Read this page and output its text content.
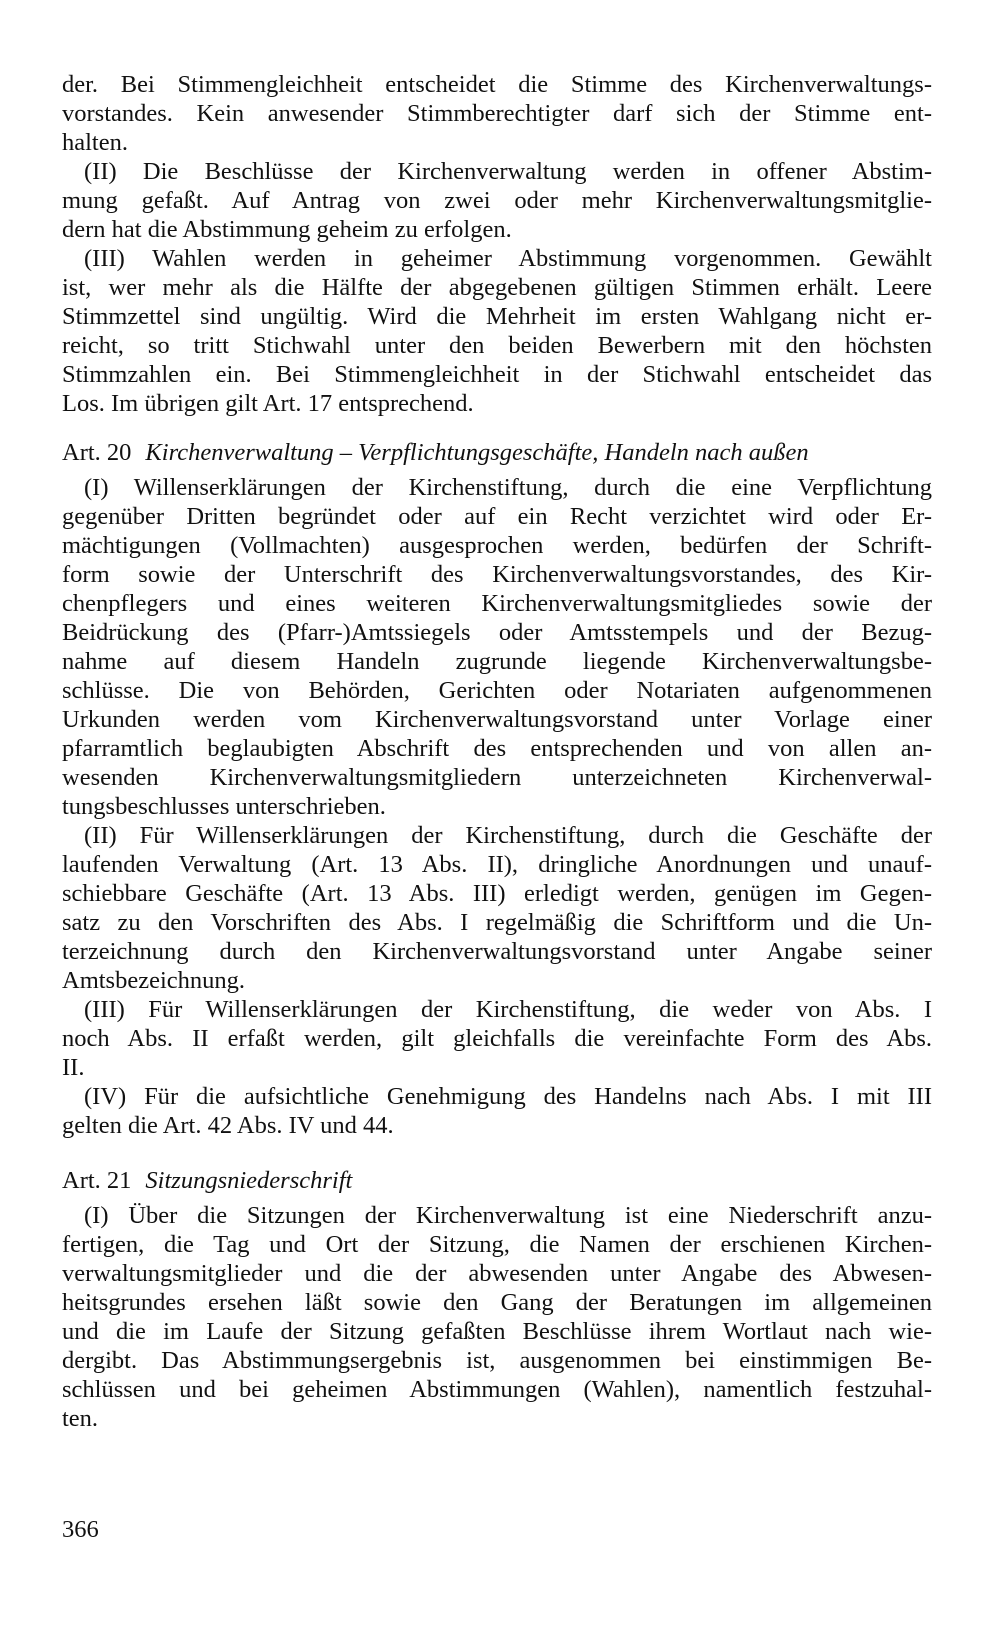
der. Bei Stimmengleichheit entscheidet die Stimme des Kirchenverwaltungs-
vorstandes. Kein anwesender Stimmberechtigter darf sich der Stimme ent-
halten.
(II) Die Beschlüsse der Kirchenverwaltung werden in offener Abstim-
mung gefaßt. Auf Antrag von zwei oder mehr Kirchenverwaltungsmitglie-
dern hat die Abstimmung geheim zu erfolgen.
(III) Wahlen werden in geheimer Abstimmung vorgenommen. Gewählt
ist, wer mehr als die Hälfte der abgegebenen gültigen Stimmen erhält. Leere
Stimmzettel sind ungültig. Wird die Mehrheit im ersten Wahlgang nicht er-
reicht, so tritt Stichwahl unter den beiden Bewerbern mit den höchsten
Stimmzahlen ein. Bei Stimmengleichheit in der Stichwahl entscheidet das
Los. Im übrigen gilt Art. 17 entsprechend.
Art. 20 Kirchenverwaltung – Verpflichtungsgeschäfte, Handeln nach außen
(I) Willenserklärungen der Kirchenstiftung, durch die eine Verpflichtung
gegenüber Dritten begründet oder auf ein Recht verzichtet wird oder Er-
mächtigungen (Vollmachten) ausgesprochen werden, bedürfen der Schrift-
form sowie der Unterschrift des Kirchenverwaltungsvorstandes, des Kir-
chenpflegers und eines weiteren Kirchenverwaltungsmitgliedes sowie der
Beidrückung des (Pfarr-)Amtssiegels oder Amtsstempels und der Bezug-
nahme auf diesem Handeln zugrunde liegende Kirchenverwaltungsbe-
schlüsse. Die von Behörden, Gerichten oder Notariaten aufgenommenen
Urkunden werden vom Kirchenverwaltungsvorstand unter Vorlage einer
pfarramtlich beglaubigten Abschrift des entsprechenden und von allen an-
wesenden Kirchenverwaltungsmitgliedern unterzeichneten Kirchenverwal-
tungsbeschlusses unterschrieben.
(II) Für Willenserklärungen der Kirchenstiftung, durch die Geschäfte der
laufenden Verwaltung (Art. 13 Abs. II), dringliche Anordnungen und unauf-
schiebbare Geschäfte (Art. 13 Abs. III) erledigt werden, genügen im Gegen-
satz zu den Vorschriften des Abs. I regelmäßig die Schriftform und die Un-
terzeichnung durch den Kirchenverwaltungsvorstand unter Angabe seiner
Amtsbezeichnung.
(III) Für Willenserklärungen der Kirchenstiftung, die weder von Abs. I
noch Abs. II erfaßt werden, gilt gleichfalls die vereinfachte Form des Abs.
II.
(IV) Für die aufsichtliche Genehmigung des Handelns nach Abs. I mit III
gelten die Art. 42 Abs. IV und 44.
Art. 21 Sitzungsniederschrift
(I) Über die Sitzungen der Kirchenverwaltung ist eine Niederschrift anzu-
fertigen, die Tag und Ort der Sitzung, die Namen der erschienen Kirchen-
verwaltungsmitglieder und die der abwesenden unter Angabe des Abwesen-
heitsgrundes ersehen läßt sowie den Gang der Beratungen im allgemeinen
und die im Laufe der Sitzung gefaßten Beschlüsse ihrem Wortlaut nach wie-
dergibt. Das Abstimmungsergebnis ist, ausgenommen bei einstimmigen Be-
schlüssen und bei geheimen Abstimmungen (Wahlen), namentlich festzuhal-
ten.
366
